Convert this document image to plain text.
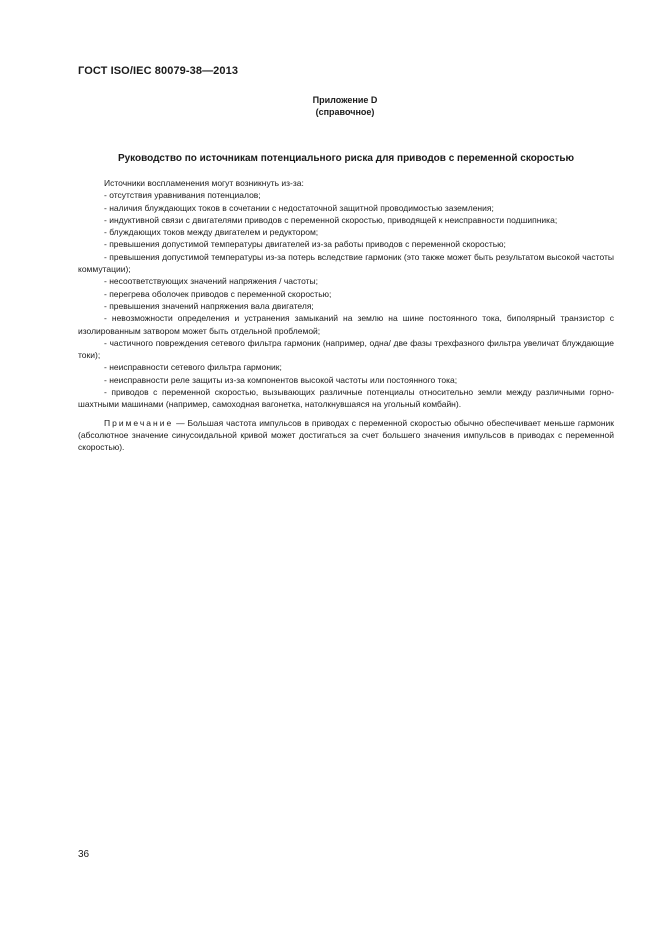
ГОСТ ISO/IEC 80079-38—2013
Приложение D
(справочное)
Руководство по источникам потенциального риска для приводов с переменной скоростью

Источники воспламенения могут возникнуть из-за:

- отсутствия уравнивания потенциалов;

- наличия блуждающих токов в сочетании с недостаточной защитной проводимостью заземления;

- индуктивной связи с двигателями приводов с переменной скоростью, приводящей к неисправности подшипника;

- блуждающих токов между двигателем и редуктором;

- превышения допустимой температуры двигателей из-за работы приводов с переменной скоростью;

- превышения допустимой температуры из-за потерь вследствие гармоник (это также может быть результатом высокой частоты коммутации);

- несоответствующих значений напряжения / частоты;

- перегрева оболочек приводов с переменной скоростью;

- превышения значений напряжения вала двигателя;

- невозможности определения и устранения замыканий на землю на шине постоянного тока, биполярный транзистор с изолированным затвором может быть отдельной проблемой;

- частичного повреждения сетевого фильтра гармоник (например, одна/ две фазы трехфазного фильтра увеличат блуждающие токи);

- неисправности сетевого фильтра гармоник;

- неисправности реле защиты из-за компонентов высокой частоты или постоянного тока;

- приводов с переменной скоростью, вызывающих различные потенциалы относительно земли между различными горно-шахтными машинами (например, самоходная вагонетка, натолкнувшаяся на угольный комбайн).

Примечание — Большая частота импульсов в приводах с переменной скоростью обычно обеспечивает меньше гармоник (абсолютное значение синусоидальной кривой может достигаться за счет большего значения импульсов в приводах с переменной скоростью).

36
